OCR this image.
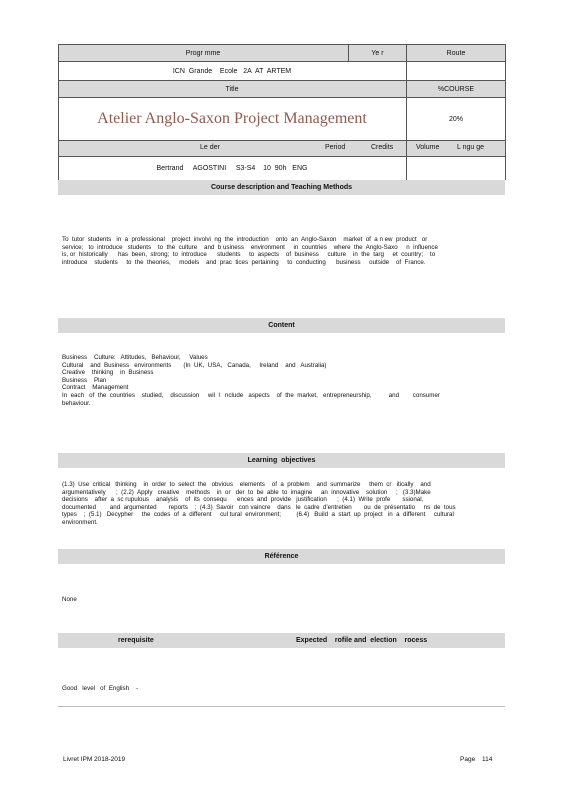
Progr mme	Ye r	Route
ICN  Grande    Ecole   2A  AT  ARTEM
Title	%COURSE
Atelier Anglo-Saxon Project Management	20%
Le der	Period	Credits	Volume	L ngu ge
Bertrand     AGOSTINI     S3-S4    10  90h   ENG
Course description and Teaching Methods
To  tutor  students   in  a  professional    project  involvi  ng  the  introduction    onto  an  Anglo-Saxon    market  of  a n ew  product   or
service;   to  introduce   students    to  the  culture    and  b usiness    environment     in  countries    where  the  Anglo-Saxo     n  influence
is, or  historically      has  been,  strong;  to  introduce      students     to  aspects    of  business     culture    in  the  targ     et  country;    to
introduce    students     to  the  theories,     models    and  prac  tices  pertaining     to  conducting      business     outside    of  France.
Content
Business    Culture:   Attitudes,   Behaviour,     Values
Cultural    and  Business   environments       (In  UK,  USA,   Canada,     Ireland    and   Australia)
Creative    thinking    in  Business
Business    Plan
Contract    Management
In  each   of  the  countries    studied,    discussion     wil  l   nclude   aspects    of  the  market,   entrepreneurship,          and        consumer
behaviour.
Learning  objectives
(1.3)  Use  critical   thinking    in  order  to  select  the   obvious    elements    of  a  problem    and  summarize     them  cr   itically    and
argumentatively      ;  (2.2)  Apply   creative    methods    in  or   der  to  be  able  to  imagine     an  innovative    solution     ;   (3.3)Make
decisions    after  a  sc rupulous    analysis    of  its  consequ      ences  and  provide   justification      ;  (4.1)  Write  profe       ssional,
documented        and  argumented       reports    ;  (4.3)  Savoir   con vaincre    dans   le  cadre  d'entretien       ou  de  présentatio     ns  de  tous
types    ;  (5.1)   Decypher     the  codes  of  a  different     cul tural  environment;         (6.4)   Build  a  start  up  project   in  a  different     cultural
environment.
Référence
None
rerequisite	Expected    rofile and  election    rocess
Good   level   of  English    -
Livret IPM 2018-2019	Page 114
